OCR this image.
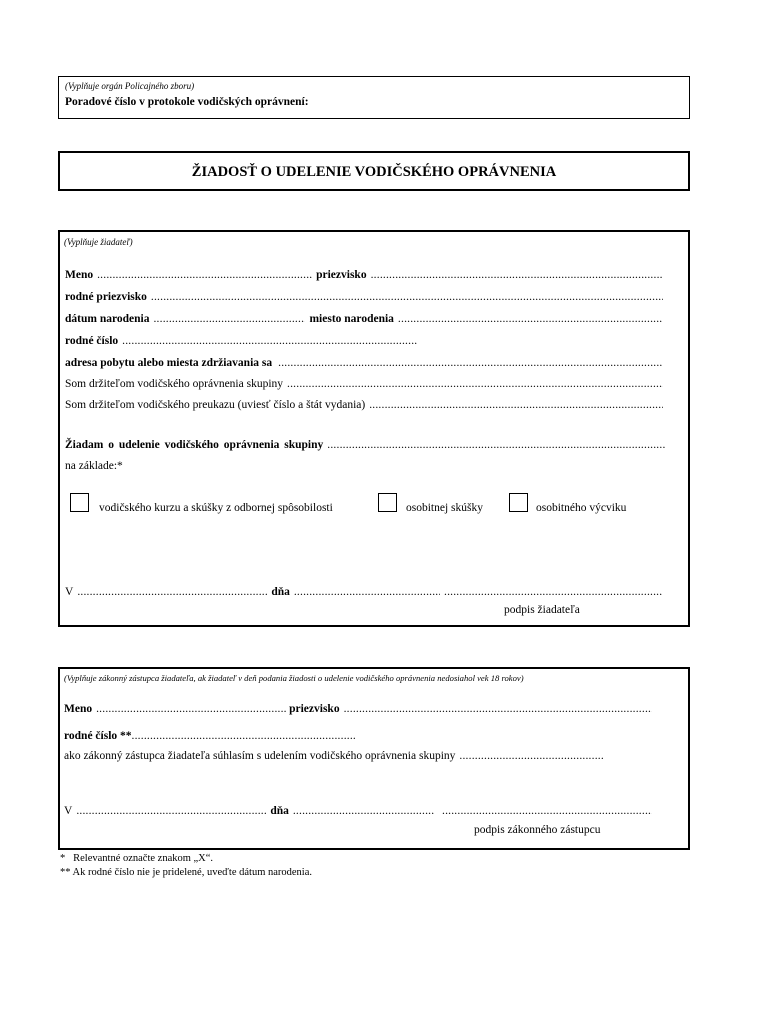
(Vyplňuje orgán Policajného zboru)
Poradové číslo v protokole vodičských oprávnení:
ŽIADOSŤ O UDELENIE VODIČSKÉHO OPRÁVNENIA
(Vyplňuje žiadateľ)
Meno .....	priezvisko
.....
rodné priezvisko
.....
dátum narodenia .....	miesto narodenia
.....
rodné číslo
.....
adresa pobytu alebo miesta zdržiavania sa
.....
Som držiteľom vodičského oprávnenia skupiny
.....
Som držiteľom vodičského preukazu (uviesť číslo a štát vydania)
.....
Žiadam o udelenie vodičského oprávnenia skupiny
.....
na základe:*
vodičského kurzu a skúšky z odbornej spôsobilosti	osobitnej skúšky	osobitného výcviku
V .....	dňa
.....
.....
podpis žiadateľa
(Vyplňuje zákonný zástupca žiadateľa, ak žiadateľ v deň podania žiadosti o udelenie vodičského oprávnenia nedosiahol vek 18 rokov)
Meno .....	priezvisko
.....
rodné číslo **
.....
ako zákonný zástupca žiadateľa súhlasím s udelením vodičského oprávnenia skupiny
.....
V .....	dňa
.....
.....
podpis zákonného zástupcu
*   Relevantné označte znakom „X“.
** Ak rodné číslo nie je pridelené, uveďte dátum narodenia.
